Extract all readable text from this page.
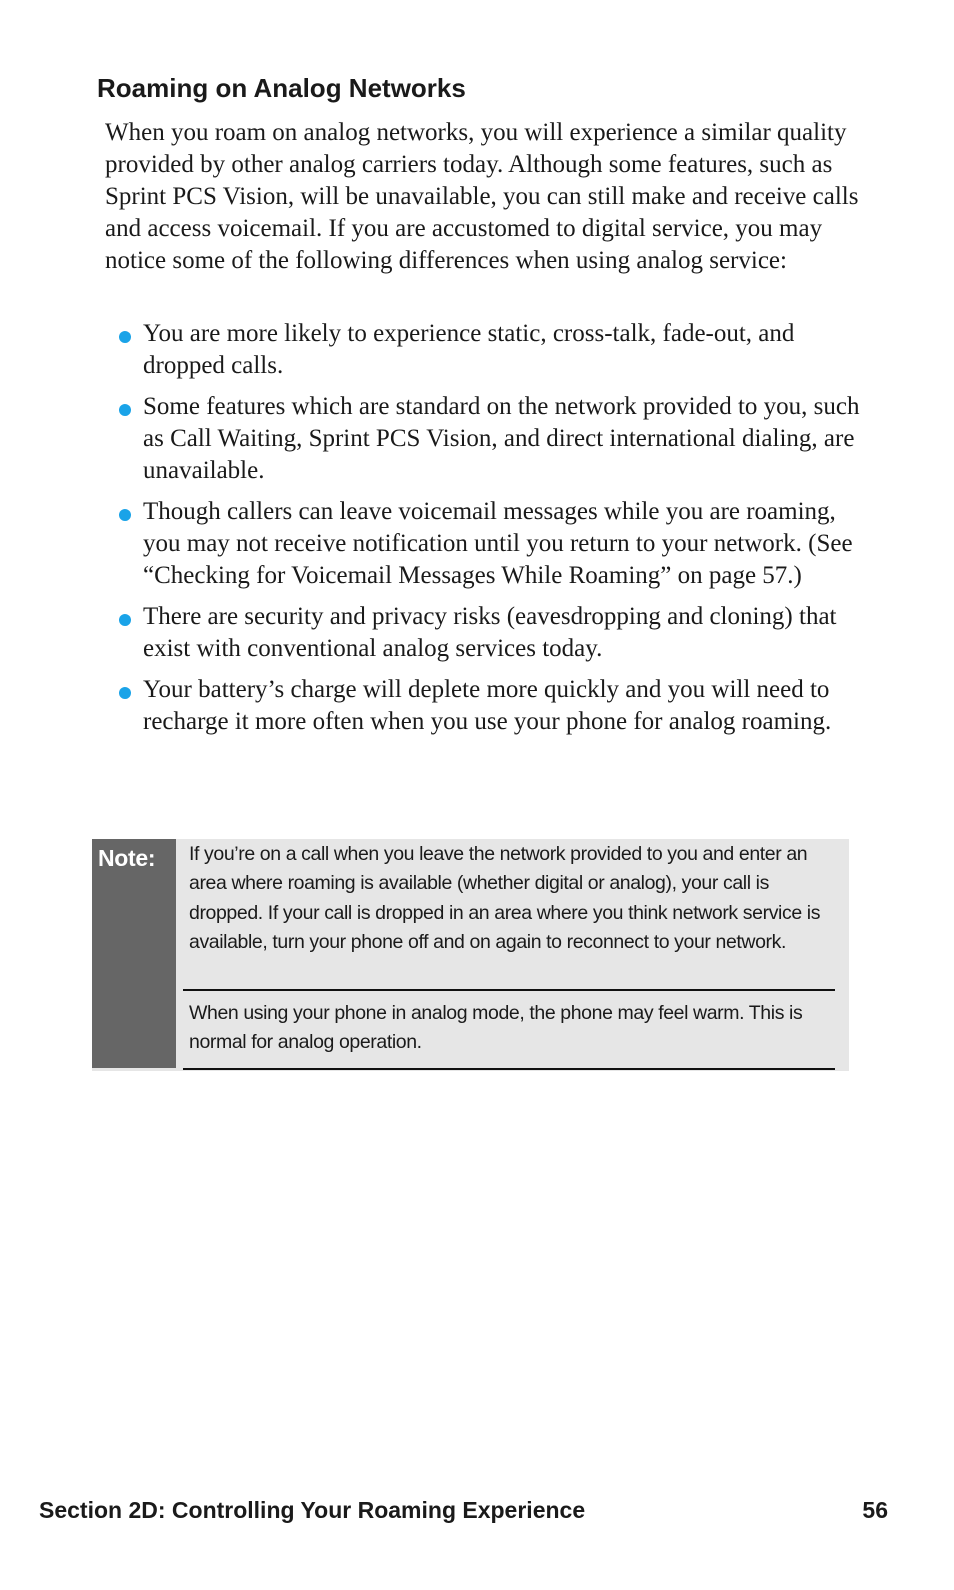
Roaming on Analog Networks

When you roam on analog networks, you will experience a similar quality provided by other analog carriers today. Although some features, such as Sprint PCS Vision, will be unavailable, you can still make and receive calls and access voicemail. If you are accustomed to digital service, you may notice some of the following differences when using analog service:

You are more likely to experience static, cross-talk, fade-out, and dropped calls.
Some features which are standard on the network provided to you, such as Call Waiting, Sprint PCS Vision, and direct international dialing, are unavailable.
Though callers can leave voicemail messages while you are roaming, you may not receive notification until you return to your network. (See “Checking for Voicemail Messages While Roaming” on page 57.)
There are security and privacy risks (eavesdropping and cloning) that exist with conventional analog services today.
Your battery’s charge will deplete more quickly and you will need to recharge it more often when you use your phone for analog roaming.

Note: If you’re on a call when you leave the network provided to you and enter an area where roaming is available (whether digital or analog), your call is dropped. If your call is dropped in an area where you think network service is available, turn your phone off and on again to reconnect to your network.

When using your phone in analog mode, the phone may feel warm. This is normal for analog operation.

Section 2D: Controlling Your Roaming Experience	56
